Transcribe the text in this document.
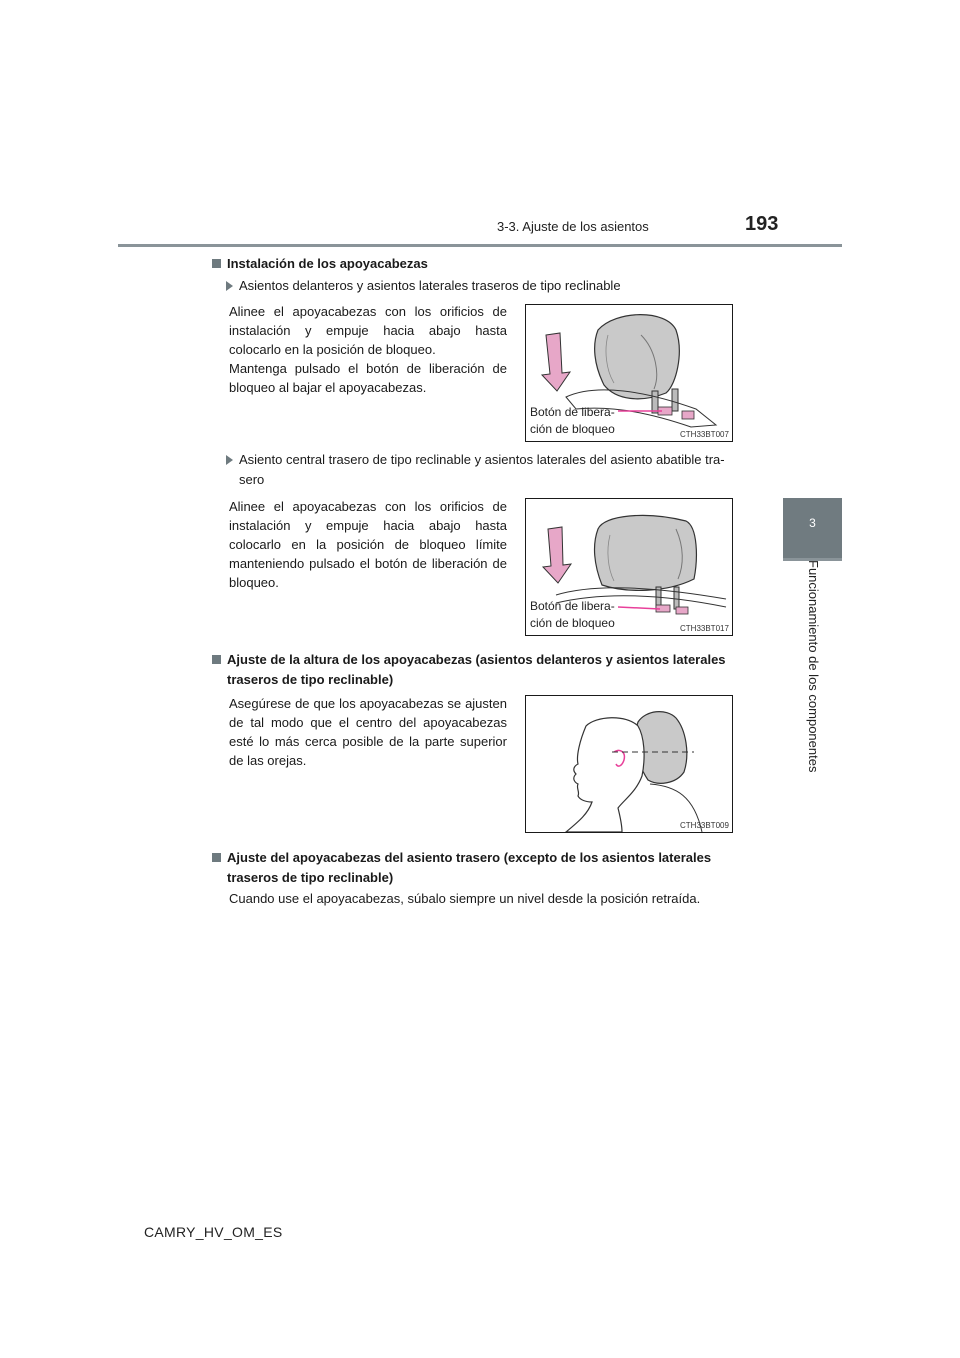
3-3. Ajuste de los asientos	193
3
Funcionamiento de los componentes
Instalación de los apoyacabezas
Asientos delanteros y asientos laterales traseros de tipo reclinable
Alinee el apoyacabezas con los orificios de instalación y empuje hacia abajo hasta colocarlo en la posición de bloqueo.
Mantenga pulsado el botón de liberación de bloqueo al bajar el apoyacabezas.
Botón de libera-
ción de bloqueo	CTH33BT007
Asiento central trasero de tipo reclinable y asientos laterales del asiento abatible tra-
sero
Alinee el apoyacabezas con los orificios de instalación y empuje hacia abajo hasta colocarlo en la posición de bloqueo límite manteniendo pulsado el botón de liberación de bloqueo.
Botón de libera-
ción de bloqueo	CTH33BT017
Ajuste de la altura de los apoyacabezas (asientos delanteros y asientos laterales
traseros de tipo reclinable)
Asegúrese de que los apoyacabezas se ajusten de tal modo que el centro del apoyacabezas esté lo más cerca posible de la parte superior de las orejas.
CTH33BT009
Ajuste del apoyacabezas del asiento trasero (excepto de los asientos laterales
traseros de tipo reclinable)
Cuando use el apoyacabezas, súbalo siempre un nivel desde la posición retraída.
CAMRY_HV_OM_ES
